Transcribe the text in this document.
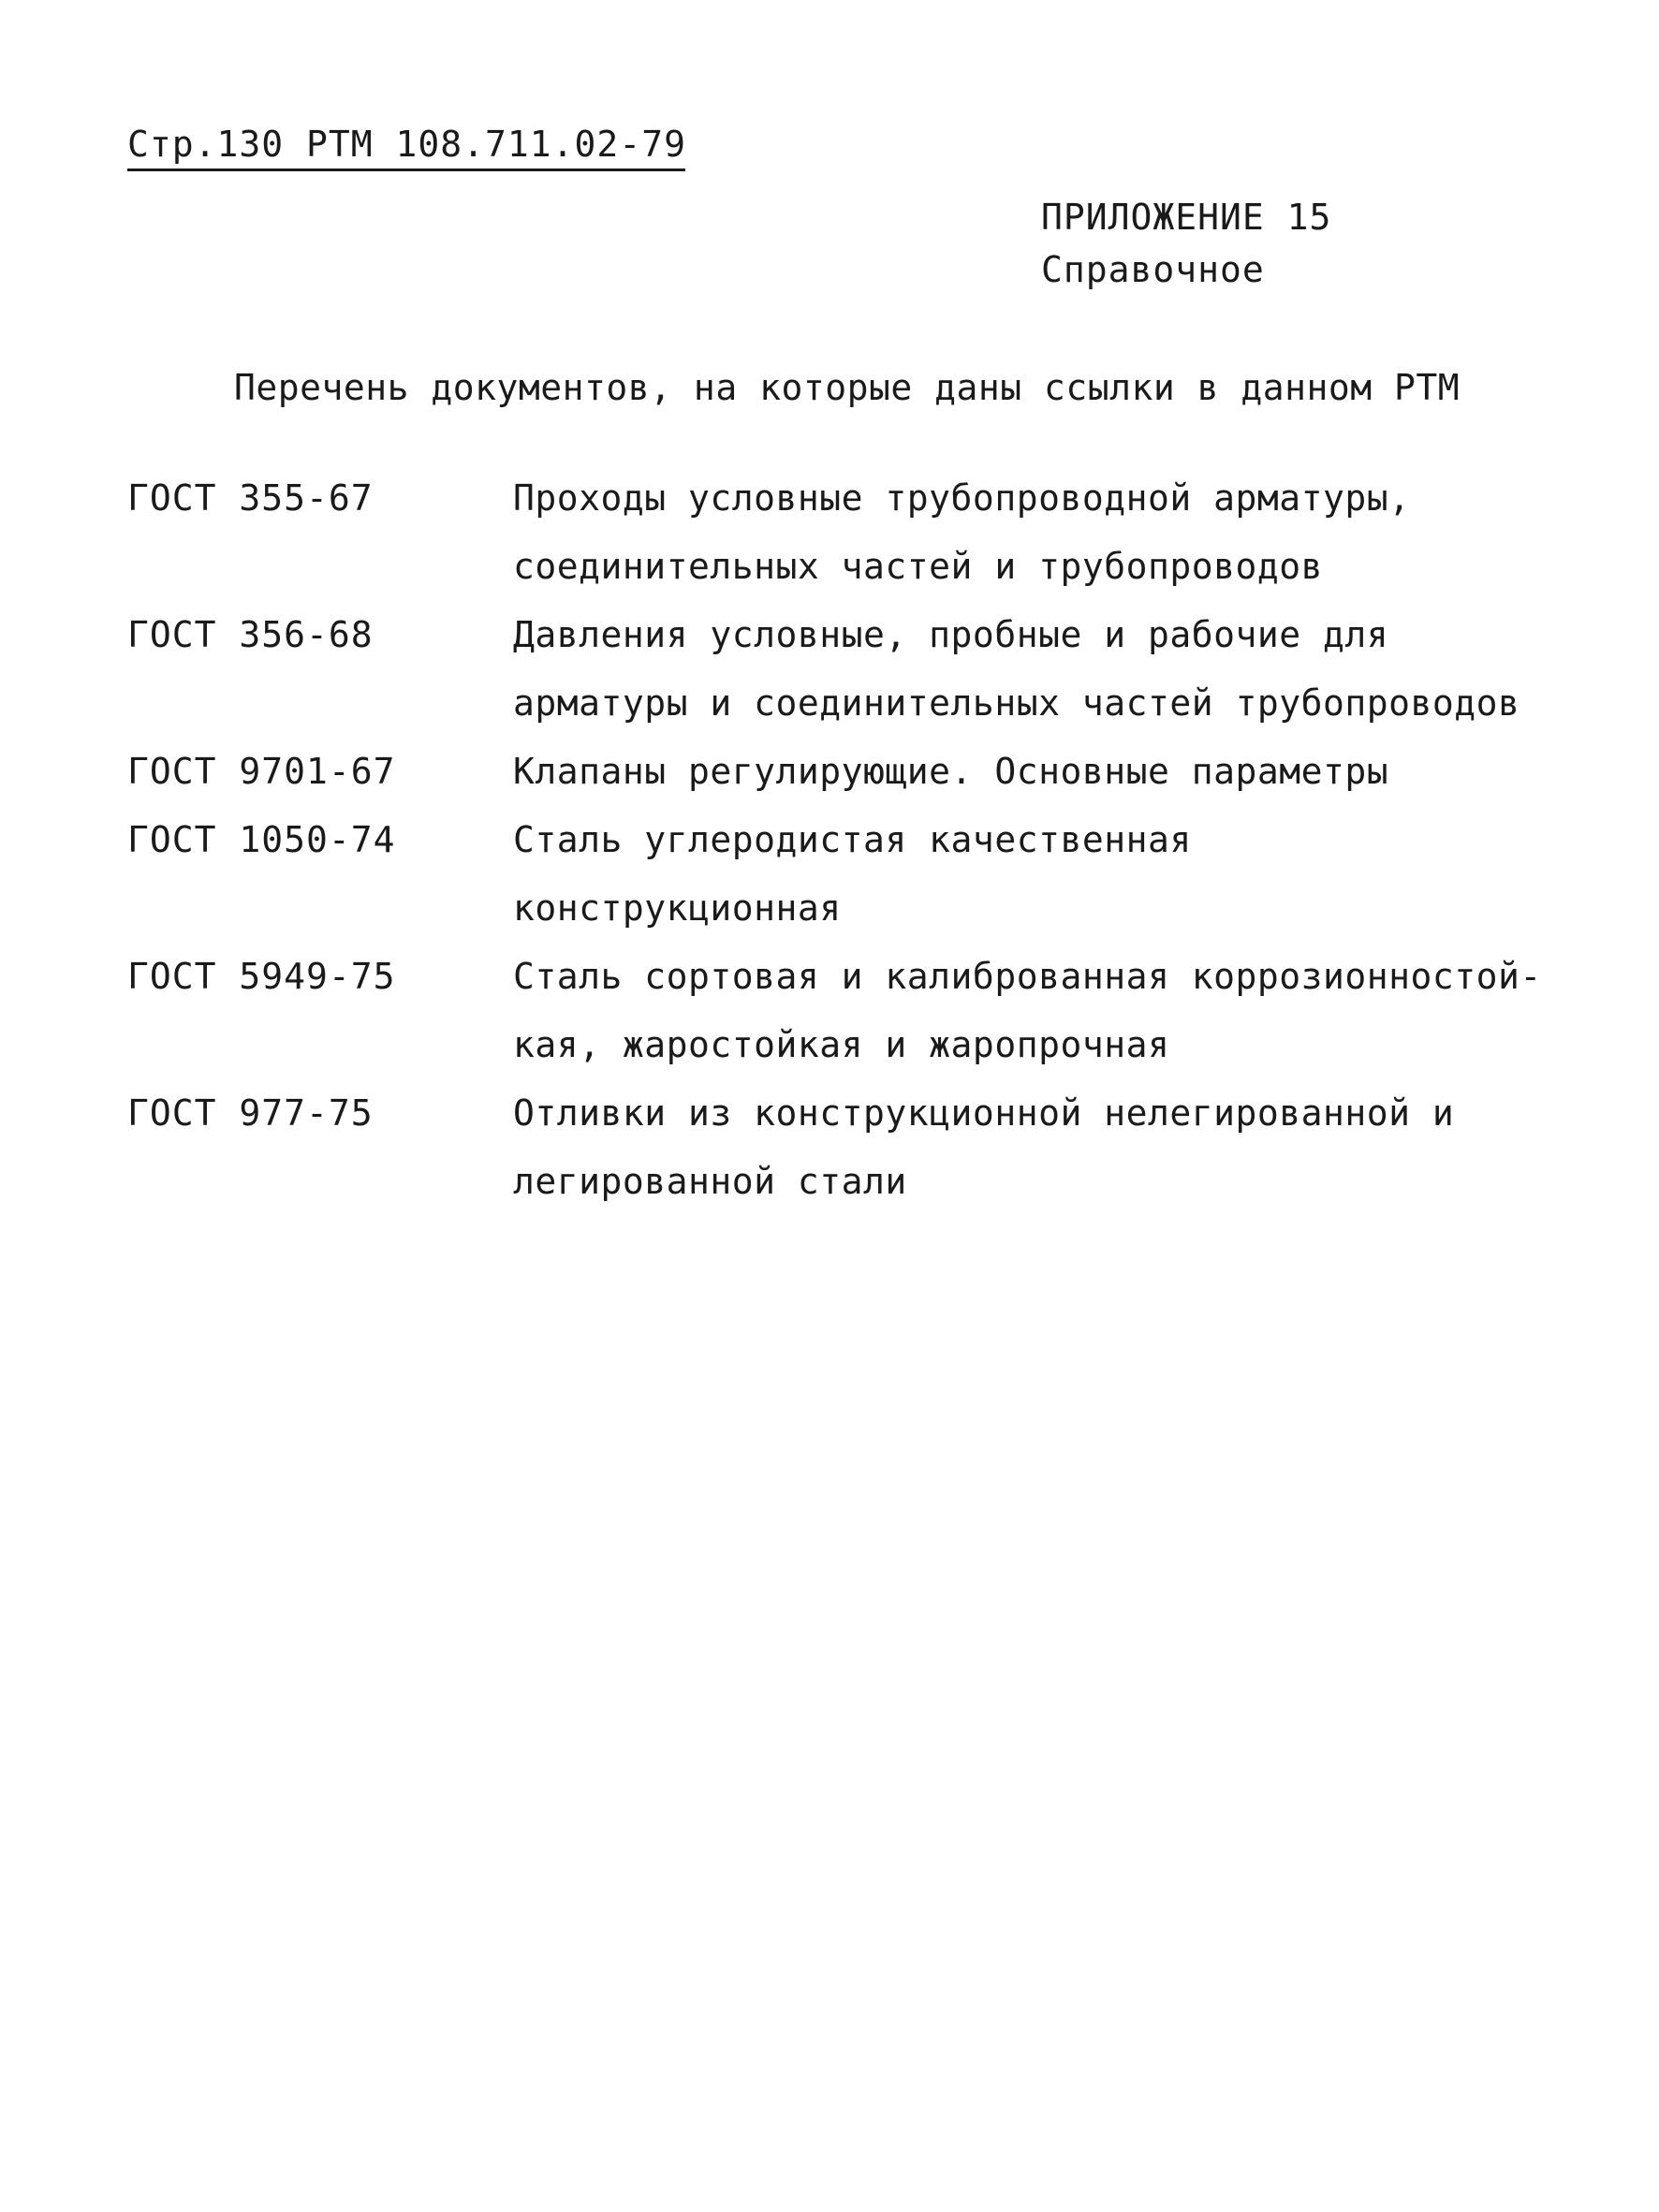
Стр.130 РТМ 108.711.02-79
ПРИЛОЖЕНИЕ 15
Справочное
Перечень документов, на которые даны ссылки в данном РТМ
ГОСТ 355-67	Проходы условные трубопроводной арматуры,
соединительных частей и трубопроводов
ГОСТ 356-68	Давления условные, пробные и рабочие для
арматуры и соединительных частей трубопроводов
ГОСТ 9701-67	Клапаны регулирующие. Основные параметры
ГОСТ 1050-74	Сталь углеродистая качественная
конструкционная
ГОСТ 5949-75	Сталь сортовая и калиброванная коррозионностой-
кая, жаростойкая и жаропрочная
ГОСТ 977-75	Отливки из конструкционной нелегированной и
легированной стали
